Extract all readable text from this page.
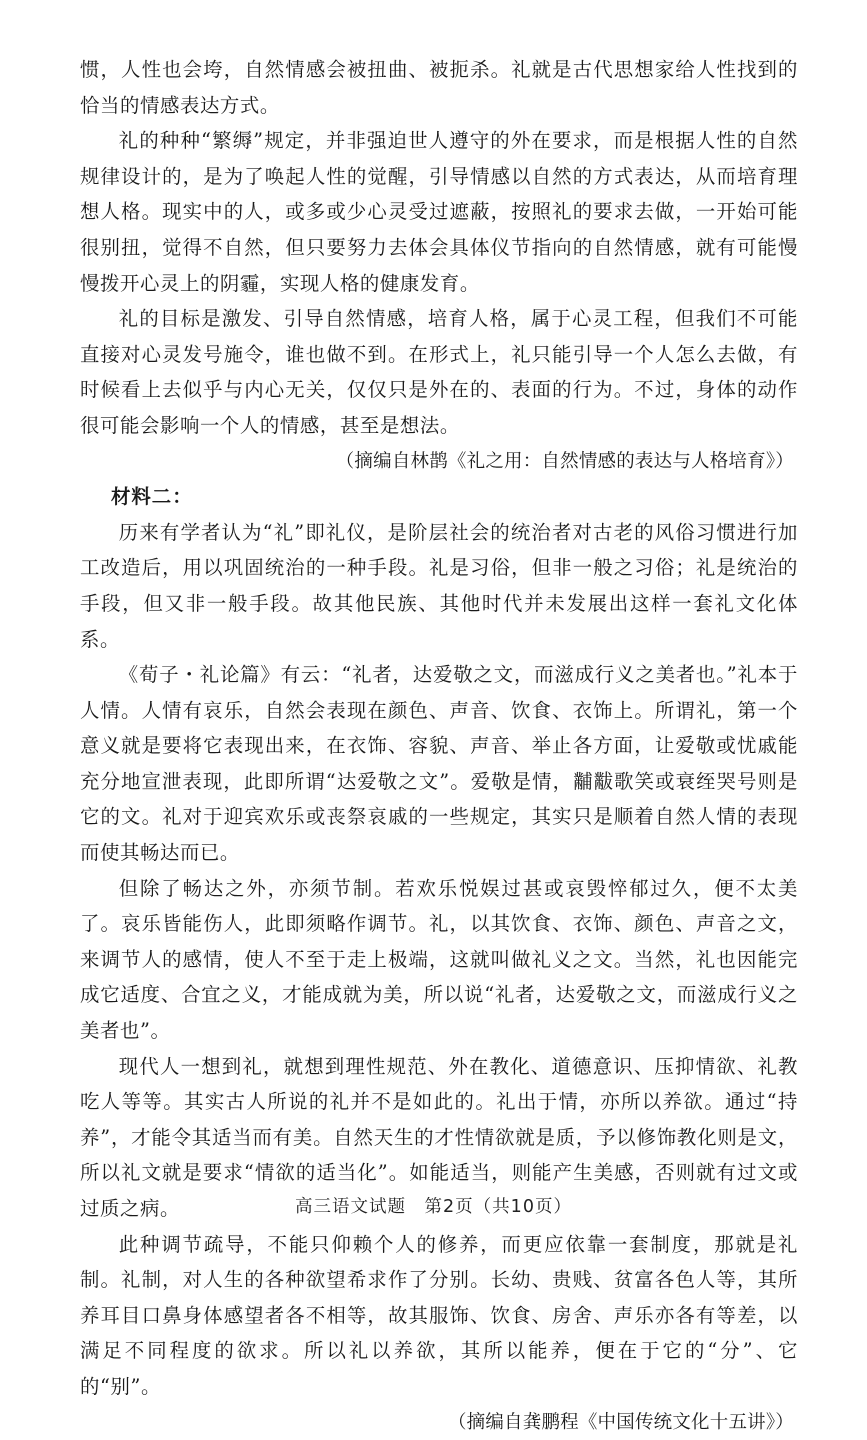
惯，人性也会垮，自然情感会被扭曲、被扼杀。礼就是古代思想家给人性找到的恰当的情感表达方式。

礼的种种“繁缛”规定，并非强迫世人遵守的外在要求，而是根据人性的自然规律设计的，是为了唤起人性的觉醒，引导情感以自然的方式表达，从而培育理想人格。现实中的人，或多或少心灵受过遮蔽，按照礼的要求去做，一开始可能很别扭，觉得不自然，但只要努力去体会具体仪节指向的自然情感，就有可能慢慢拨开心灵上的阴霾，实现人格的健康发育。

礼的目标是激发、引导自然情感，培育人格，属于心灵工程，但我们不可能直接对心灵发号施令，谁也做不到。在形式上，礼只能引导一个人怎么去做，有时候看上去似乎与内心无关，仅仅只是外在的、表面的行为。不过，身体的动作很可能会影响一个人的情感，甚至是想法。

（摘编自林鹊《礼之用：自然情感的表达与人格培育》）

材料二：

历来有学者认为“礼”即礼仪，是阶层社会的统治者对古老的风俗习惯进行加工改造后，用以巩固统治的一种手段。礼是习俗，但非一般之习俗；礼是统治的手段，但又非一般手段。故其他民族、其他时代并未发展出这样一套礼文化体系。

《荀子・礼论篇》有云：“礼者，达爱敬之文，而滋成行义之美者也。”礼本于人情。人情有哀乐，自然会表现在颜色、声音、饮食、衣饰上。所谓礼，第一个意义就是要将它表现出来，在衣饰、容貌、声音、举止各方面，让爱敬或忧戚能充分地宣泄表现，此即所谓“达爱敬之文”。爱敬是情，黼黻歌笑或衰绖哭号则是它的文。礼对于迎宾欢乐或丧祭哀戚的一些规定，其实只是顺着自然人情的表现而使其畅达而已。

但除了畅达之外，亦须节制。若欢乐悦娱过甚或哀毁悴郁过久，便不太美了。哀乐皆能伤人，此即须略作调节。礼，以其饮食、衣饰、颜色、声音之文，来调节人的感情，使人不至于走上极端，这就叫做礼义之文。当然，礼也因能完成它适度、合宜之义，才能成就为美，所以说“礼者，达爱敬之文，而滋成行义之美者也”。

现代人一想到礼，就想到理性规范、外在教化、道德意识、压抑情欲、礼教吃人等等。其实古人所说的礼并不是如此的。礼出于情，亦所以养欲。通过“持养”，才能令其适当而有美。自然天生的才性情欲就是质，予以修饰教化则是文，所以礼文就是要求“情欲的适当化”。如能适当，则能产生美感，否则就有过文或过质之病。

此种调节疏导，不能只仰赖个人的修养，而更应依靠一套制度，那就是礼制。礼制，对人生的各种欲望希求作了分别。长幼、贵贱、贫富各色人等，其所养耳目口鼻身体感望者各不相等，故其服饰、饮食、房舍、声乐亦各有等差，以满足不同程度的欲求。所以礼以养欲，其所以能养，便在于它的“分”、它的“别”。

（摘编自龚鹏程《中国传统文化十五讲》）

高三语文试题　第2页（共10页）
